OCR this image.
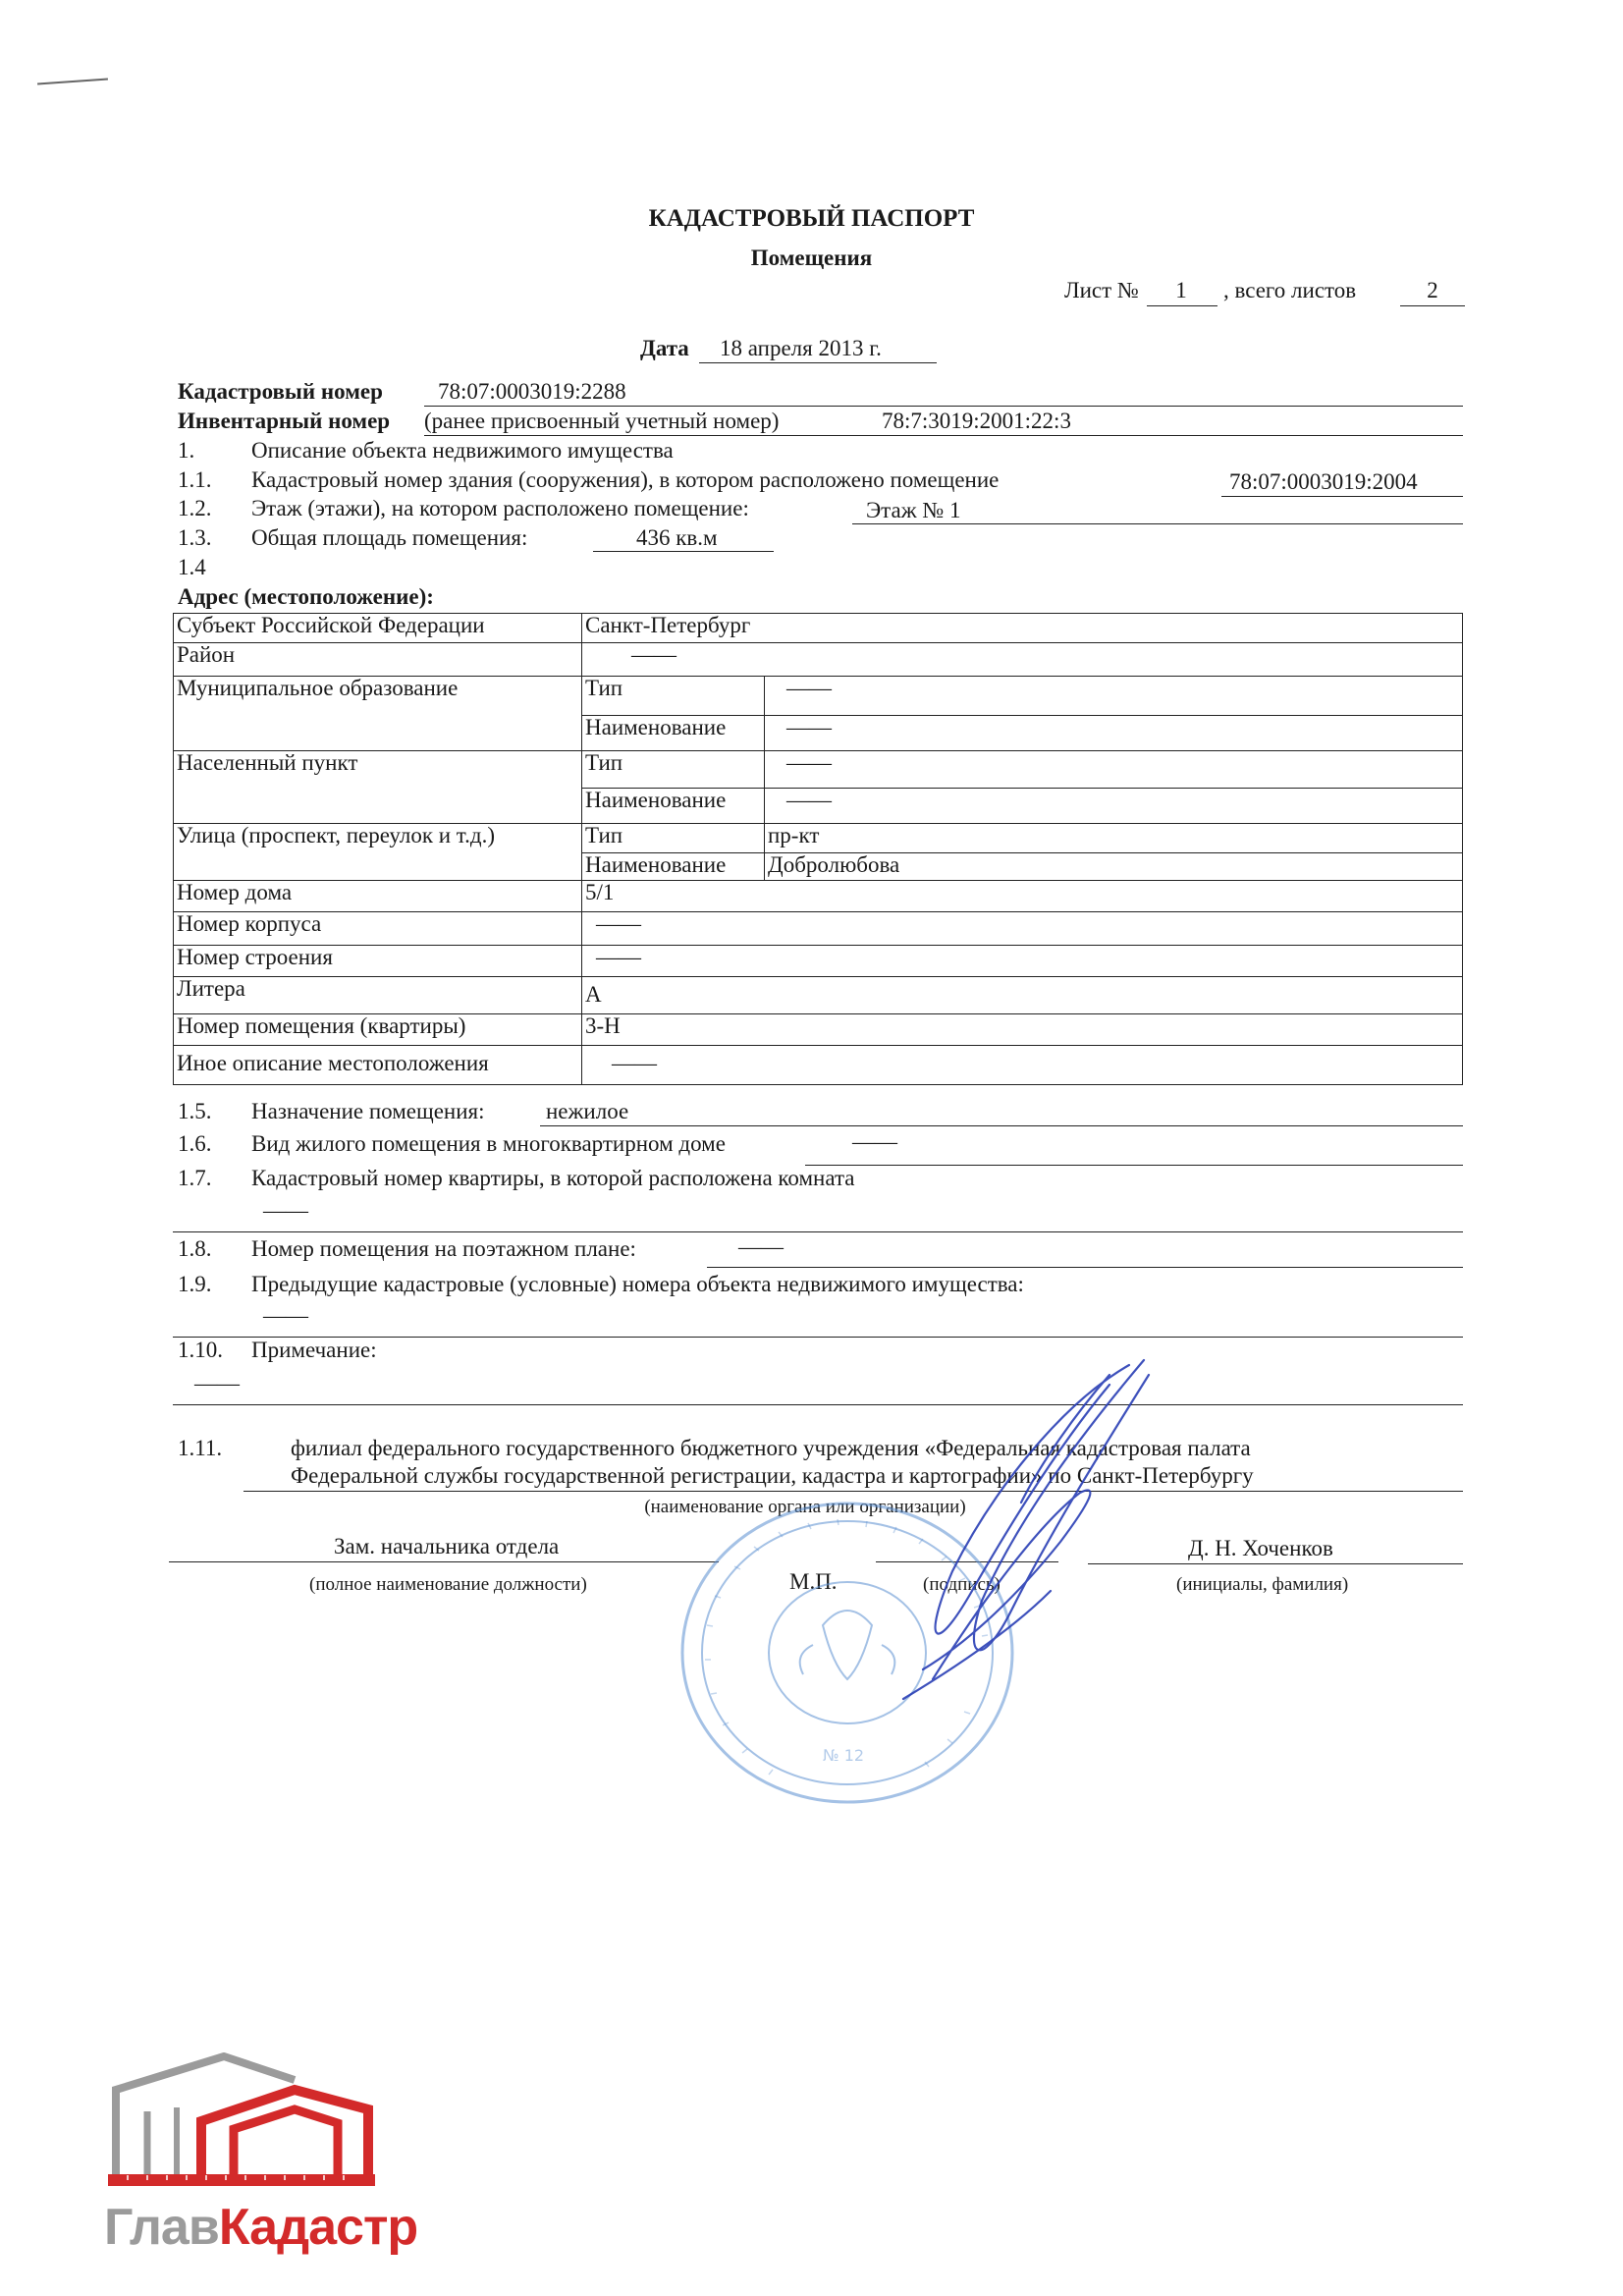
КАДАСТРОВЫЙ ПАСПОРТ
Помещения
Лист №	1	, всего листов	2
Дата 18 апреля 2013 г.
Кадастровый номер 78:07:0003019:2288
Инвентарный номер (ранее присвоенный учетный номер)	78:7:3019:2001:22:3
1.	Описание объекта недвижимого имущества
1.1. Кадастровый номер здания (сооружения), в котором расположено помещение	78:07:0003019:2004
1.2. Этаж (этажи), на котором расположено помещение:	Этаж № 1
1.3. Общая площадь помещения:	436 кв.м
1.4
Адрес (местоположение):
Субъект Российской Федерации	Санкт-Петербург	
Район	——	
Муниципальное образование	Тип	——
	Наименование	——
Населенный пункт	Тип	——
	Наименование	——
Улица (проспект, переулок и т.д.)	Тип	пр-кт
	Наименование	Добролюбова
Номер дома	5/1	
Номер корпуса	——	
Номер строения	——	
Литера	А	
Номер помещения (квартиры)	3-Н	
Иное описание местоположения	——	
1.5. Назначение помещения:	нежилое
1.6. Вид жилого помещения в многоквартирном доме	——
1.7. Кадастровый номер квартиры, в которой расположена комната
——
1.8. Номер помещения на поэтажном плане:	——
1.9. Предыдущие кадастровые (условные) номера объекта недвижимого имущества:
——
1.10. Примечание:
——
1.11.	филиал федерального государственного бюджетного учреждения «Федеральная кадастровая палата
Федеральной службы государственной регистрации, кадастра и картографии» по Санкт-Петербургу
(наименование органа или организации)
Зам. начальника отдела
(полное наименование должности)	М.П.	(подпись)
Д. Н. Хоченков
(инициалы, фамилия)
№ 12
ГлавКадастр
